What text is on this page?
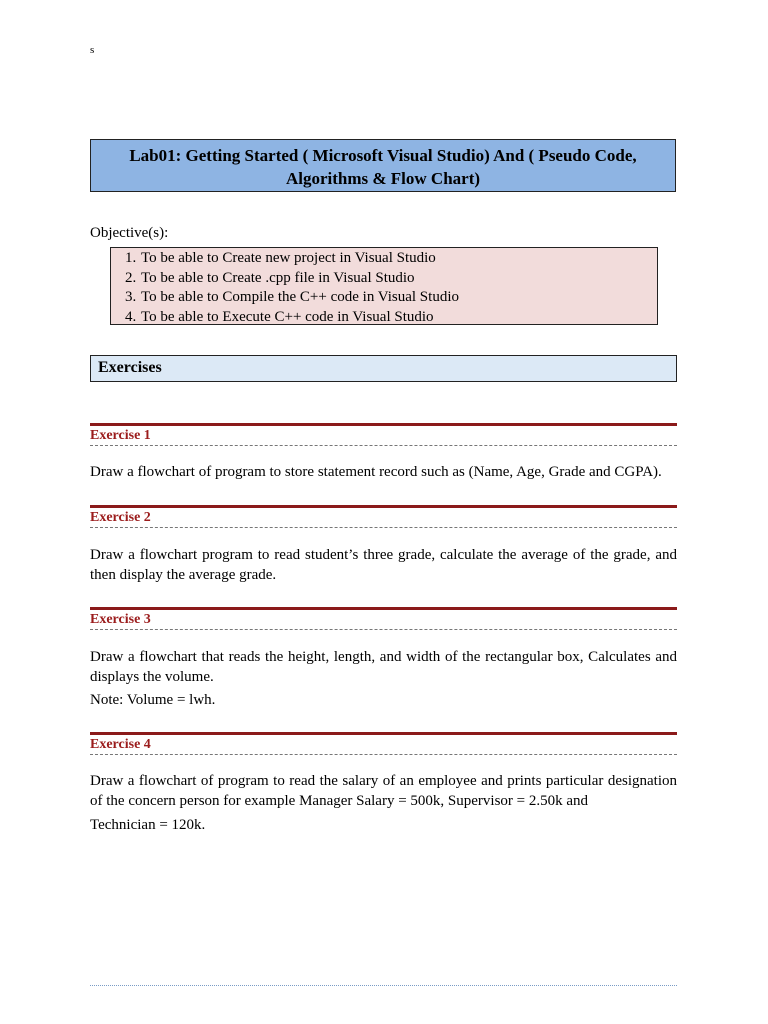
s
Lab01: Getting Started ( Microsoft Visual Studio) And ( Pseudo Code,
Algorithms & Flow Chart)
Objective(s):
1. To be able to Create new project in Visual Studio
2. To be able to Create .cpp file in Visual Studio
3. To be able to Compile the C++ code in Visual Studio
4. To be able to Execute C++ code in Visual Studio
Exercises
Exercise 1
Draw a flowchart of program to store statement record such as (Name, Age, Grade and CGPA).
Exercise 2
Draw a flowchart program to read student’s three grade, calculate the average of the grade, and then display the average grade.
Exercise 3
Draw a flowchart that reads the height, length, and width of the rectangular box, Calculates and displays the volume.
Note: Volume = lwh.
Exercise 4
Draw a flowchart of program to read the salary of an employee and prints particular designation of the concern person for example Manager Salary = 500k, Supervisor = 2.50k and
Technician = 120k.
